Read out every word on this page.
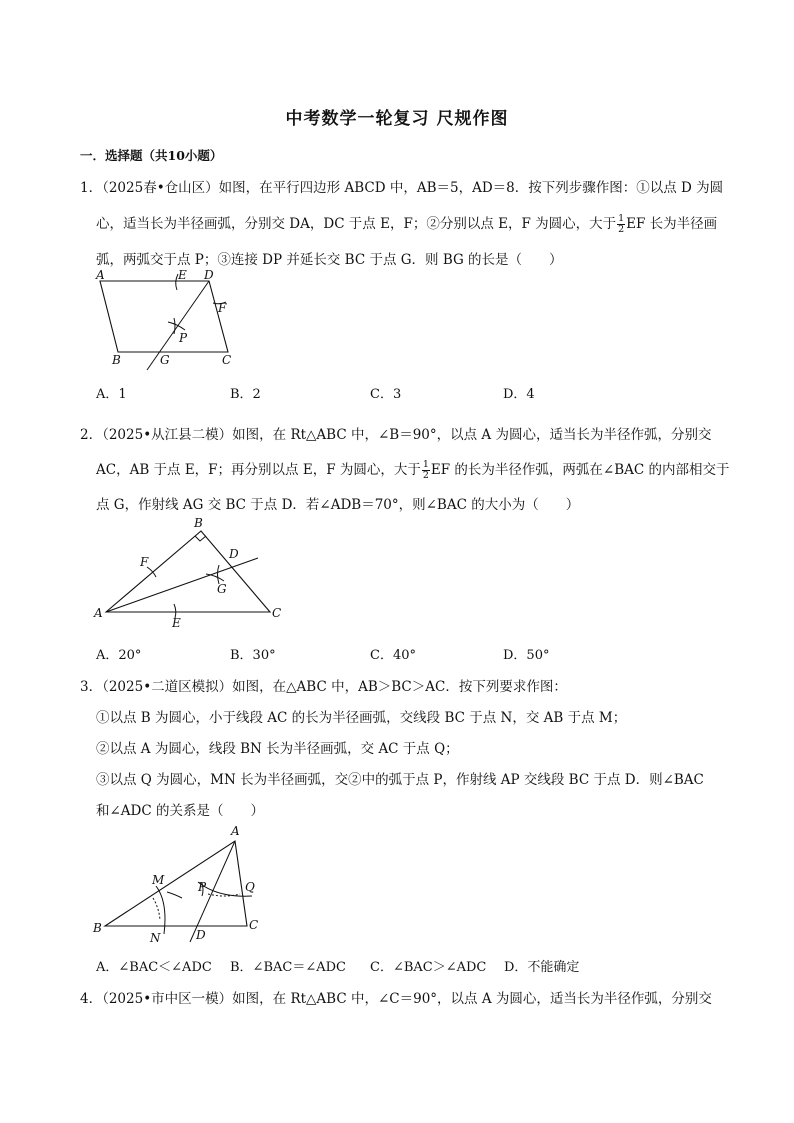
中考数学一轮复习 尺规作图
一．选择题（共10小题）
1．（2025春•仓山区）如图，在平行四边形 ABCD 中，AB＝5，AD＝8．按下列步骤作图：①以点 D 为圆
心，适当长为半径画弧，分别交 DA，DC 于点 E，F；②分别以点 E，F 为圆心，大于 $\frac{1}{2}$ EF 长为半径画
弧，两弧交于点 P；③连接 DP 并延长交 BC 于点 G．则 BG 的长是（　　）
A	E D
F
P
B	G	C
A．1	B．2	C．3	D．4
2．（2025•从江县二模）如图，在 Rt△ABC 中，∠B＝90°，以点 A 为圆心，适当长为半径作弧，分别交
AC，AB 于点 E，F；再分别以点 E，F 为圆心，大于 $\frac{1}{2}$ EF 的长为半径作弧，两弧在∠BAC 的内部相交于
点 G，作射线 AG 交 BC 于点 D．若∠ADB＝70°，则∠BAC 的大小为（　　）
B
F
D
G
A
E
C
A．20°	B．30°	C．40°	D．50°
3．（2025•二道区模拟）如图，在△ABC 中，AB＞BC＞AC．按下列要求作图：
①以点 B 为圆心，小于线段 AC 的长为半径画弧，交线段 BC 于点 N，交 AB 于点 M；
②以点 A 为圆心，线段 BN 长为半径画弧，交 AC 于点 Q；
③以点 Q 为圆心，MN 长为半径画弧，交②中的弧于点 P，作射线 AP 交线段 BC 于点 D．则∠BAC
和∠ADC 的关系是（　　）
A
M	P	Q
B
N	D
C
A．∠BAC＜∠ADC B．∠BAC＝∠ADC C．∠BAC＞∠ADC D．不能确定
4．（2025•市中区一模）如图，在 Rt△ABC 中，∠C＝90°，以点 A 为圆心，适当长为半径作弧，分别交
